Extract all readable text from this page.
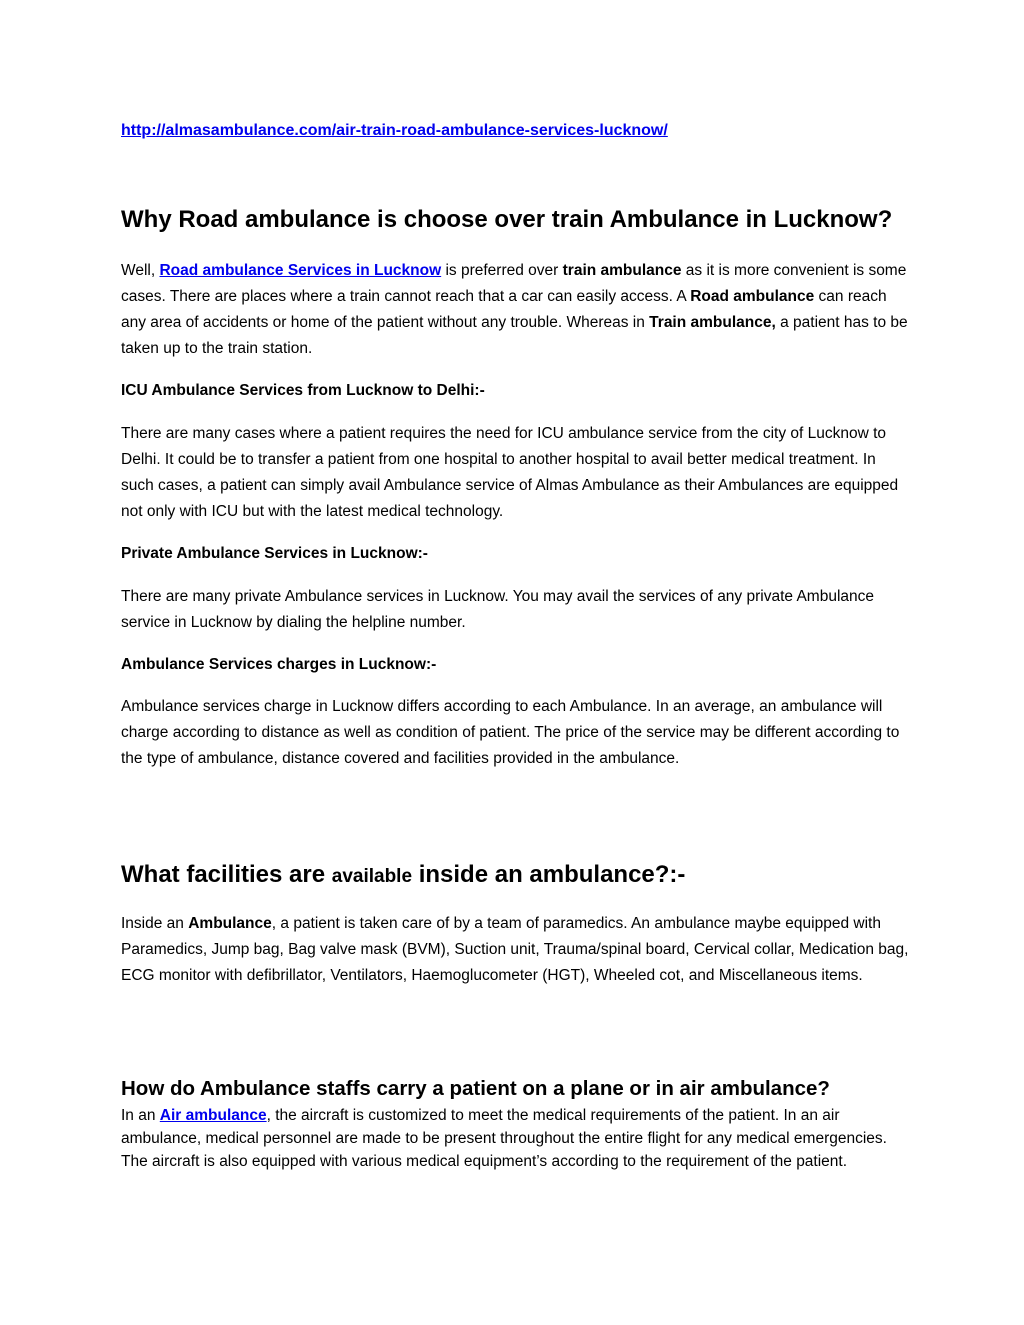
http://almasambulance.com/air-train-road-ambulance-services-lucknow/
Why Road ambulance is choose over train Ambulance in Lucknow?

Well, Road ambulance Services in Lucknow is preferred over train ambulance as it is more convenient is some cases. There are places where a train cannot reach that a car can easily access. A Road ambulance can reach any area of accidents or home of the patient without any trouble. Whereas in Train ambulance, a patient has to be taken up to the train station.

ICU Ambulance Services from Lucknow to Delhi:-

There are many cases where a patient requires the need for ICU ambulance service from the city of Lucknow to Delhi. It could be to transfer a patient from one hospital to another hospital to avail better medical treatment. In such cases, a patient can simply avail Ambulance service of Almas Ambulance as their Ambulances are equipped not only with ICU but with the latest medical technology.

Private Ambulance Services in Lucknow:-

There are many private Ambulance services in Lucknow. You may avail the services of any private Ambulance service in Lucknow by dialing the helpline number.

Ambulance Services charges in Lucknow:-

Ambulance services charge in Lucknow differs according to each Ambulance. In an average, an ambulance will charge according to distance as well as condition of patient. The price of the service may be different according to the type of ambulance, distance covered and facilities provided in the ambulance.

What facilities are available inside an ambulance?:-

Inside an Ambulance, a patient is taken care of by a team of paramedics. An ambulance maybe equipped with Paramedics, Jump bag, Bag valve mask (BVM), Suction unit, Trauma/spinal board, Cervical collar, Medication bag, ECG monitor with defibrillator, Ventilators, Haemoglucometer (HGT), Wheeled cot, and Miscellaneous items.

How do Ambulance staffs carry a patient on a plane or in air ambulance?

In an Air ambulance, the aircraft is customized to meet the medical requirements of the patient. In an air ambulance, medical personnel are made to be present throughout the entire flight for any medical emergencies. The aircraft is also equipped with various medical equipment’s according to the requirement of the patient.
